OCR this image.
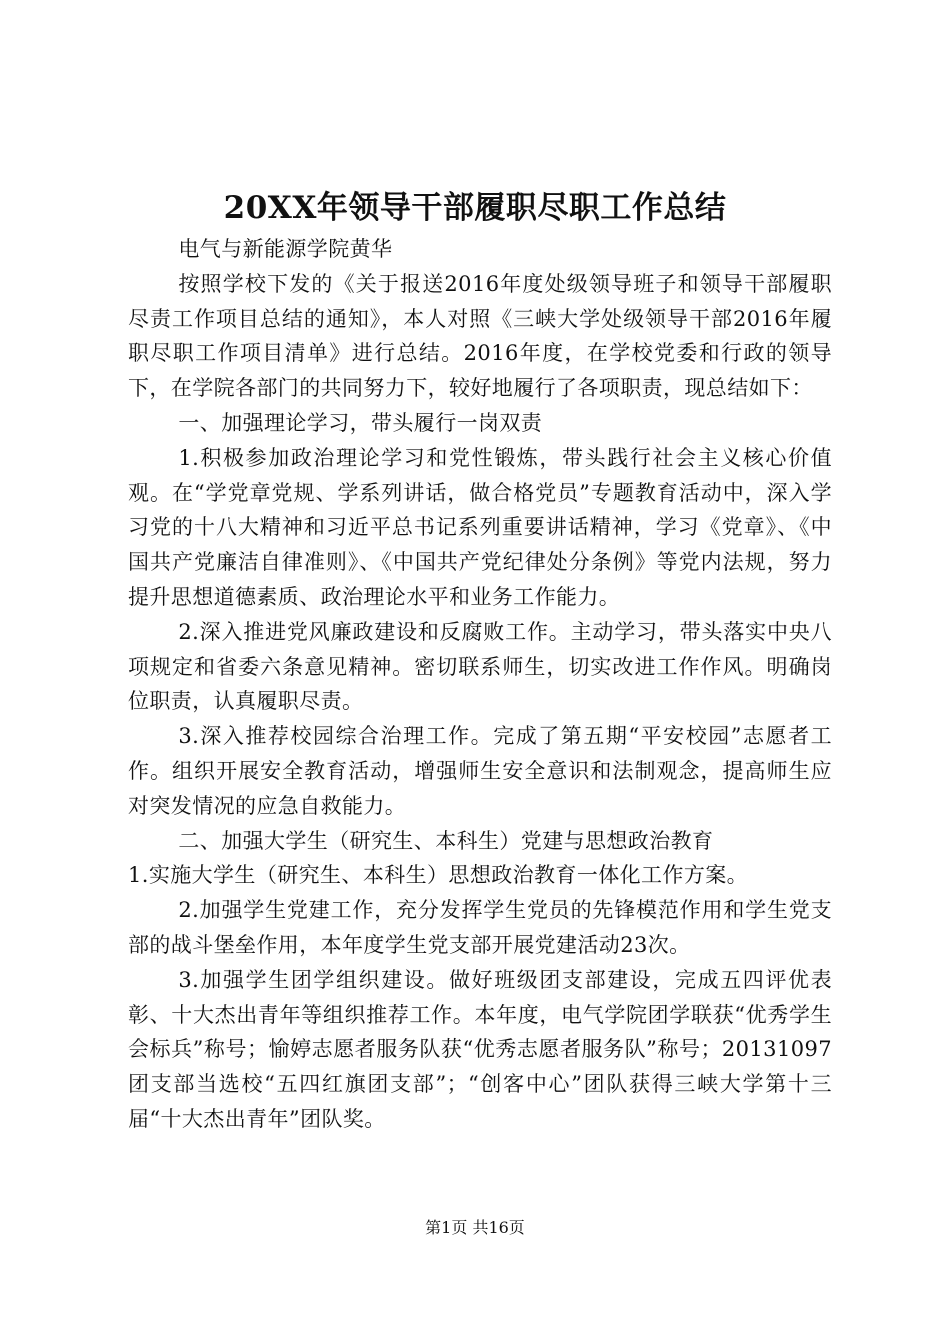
20XX年领导干部履职尽职工作总结

电气与新能源学院黄华

按照学校下发的《关于报送2016年度处级领导班子和领导干部履职尽责工作项目总结的通知》，本人对照《三峡大学处级领导干部2016年履职尽职工作项目清单》进行总结。2016年度，在学校党委和行政的领导下，在学院各部门的共同努力下，较好地履行了各项职责，现总结如下：

一、加强理论学习，带头履行一岗双责

1.积极参加政治理论学习和党性锻炼，带头践行社会主义核心价值观。在“学党章党规、学系列讲话，做合格党员”专题教育活动中，深入学习党的十八大精神和习近平总书记系列重要讲话精神，学习《党章》、《中国共产党廉洁自律准则》、《中国共产党纪律处分条例》等党内法规，努力提升思想道德素质、政治理论水平和业务工作能力。

2.深入推进党风廉政建设和反腐败工作。主动学习，带头落实中央八项规定和省委六条意见精神。密切联系师生，切实改进工作作风。明确岗位职责，认真履职尽责。

3.深入推荐校园综合治理工作。完成了第五期“平安校园”志愿者工作。组织开展安全教育活动，增强师生安全意识和法制观念，提高师生应对突发情况的应急自救能力。

二、加强大学生（研究生、本科生）党建与思想政治教育

1.实施大学生（研究生、本科生）思想政治教育一体化工作方案。

2.加强学生党建工作，充分发挥学生党员的先锋模范作用和学生党支部的战斗堡垒作用，本年度学生党支部开展党建活动23次。

3.加强学生团学组织建设。做好班级团支部建设，完成五四评优表彰、十大杰出青年等组织推荐工作。本年度，电气学院团学联获“优秀学生会标兵”称号；愉婷志愿者服务队获“优秀志愿者服务队”称号；20131097团支部当选校“五四红旗团支部”；“创客中心”团队获得三峡大学第十三届“十大杰出青年”团队奖。

第1页 共16页
